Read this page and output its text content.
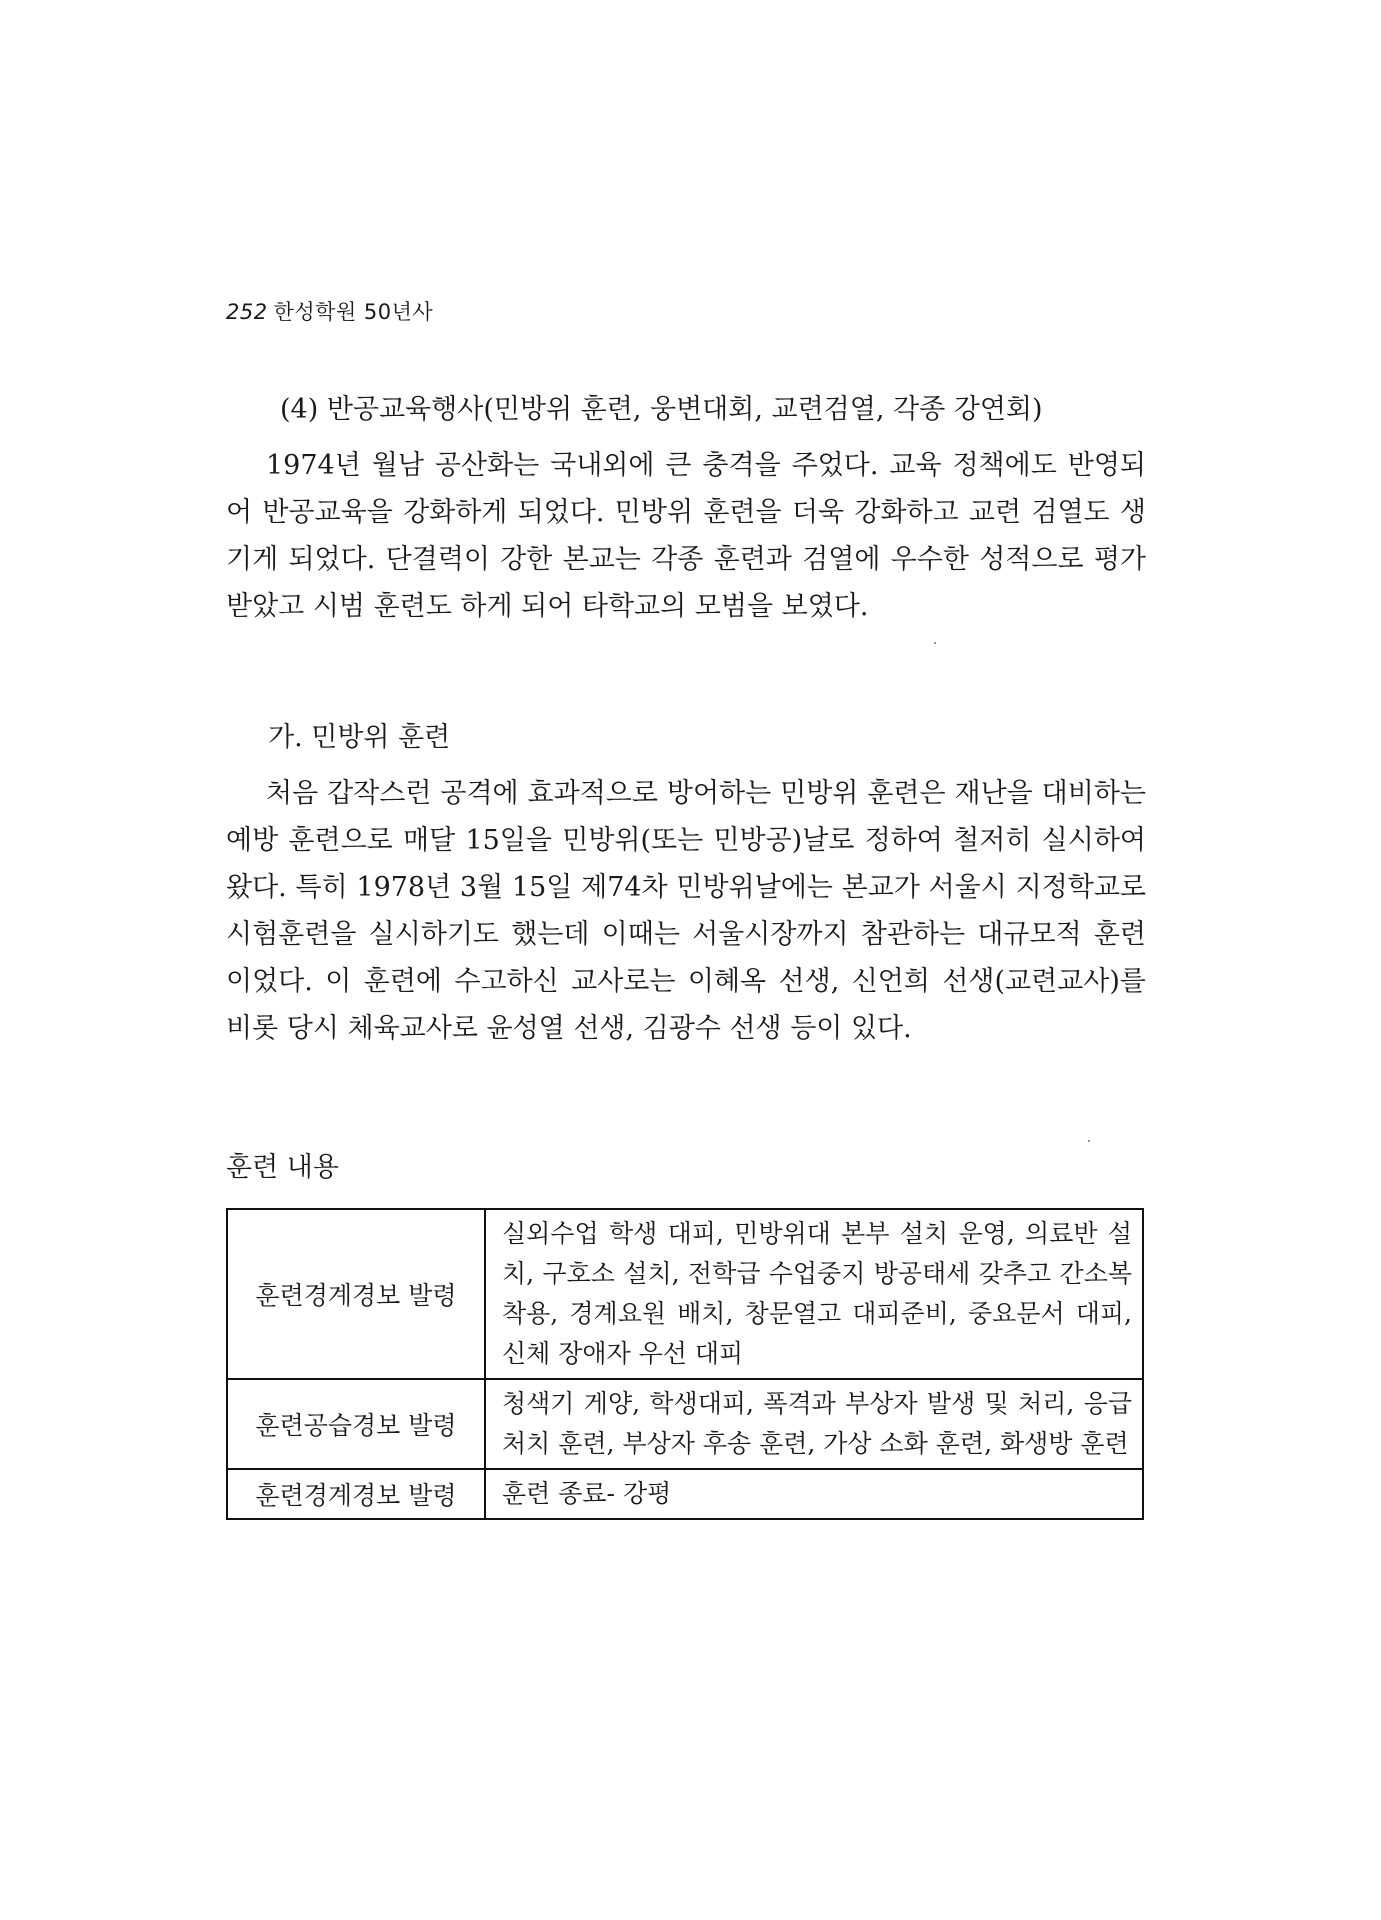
252 한성학원 50년사
(4) 반공교육행사(민방위 훈련, 웅변대회, 교련검열, 각종 강연회)

1974년 월남 공산화는 국내외에 큰 충격을 주었다. 교육 정책에도 반영되어 반공교육을 강화하게 되었다. 민방위 훈련을 더욱 강화하고 교련 검열도 생기게 되었다. 단결력이 강한 본교는 각종 훈련과 검열에 우수한 성적으로 평가 받았고 시범 훈련도 하게 되어 타학교의 모범을 보였다.

가. 민방위 훈련

처음 갑작스런 공격에 효과적으로 방어하는 민방위 훈련은 재난을 대비하는 예방 훈련으로 매달 15일을 민방위(또는 민방공)날로 정하여 철저히 실시하여 왔다. 특히 1978년 3월 15일 제74차 민방위날에는 본교가 서울시 지정학교로 시험훈련을 실시하기도 했는데 이때는 서울시장까지 참관하는 대규모적 훈련이었다. 이 훈련에 수고하신 교사로는 이혜옥 선생, 신언희 선생(교련교사)를 비롯 당시 체육교사로 윤성열 선생, 김광수 선생 등이 있다.

훈련 내용
훈련경계경보 발령	실외수업 학생 대피, 민방위대 본부 설치 운영, 의료반 설치, 구호소 설치, 전학급 수업중지 방공태세 갖추고 간소복 착용, 경계요원 배치, 창문열고 대피준비, 중요문서 대피, 신체 장애자 우선 대피
훈련공습경보 발령	청색기 게양, 학생대피, 폭격과 부상자 발생 및 처리, 응급처치 훈련, 부상자 후송 훈련, 가상 소화 훈련, 화생방 훈련
훈련경계경보 발령	훈련 종료- 강평
